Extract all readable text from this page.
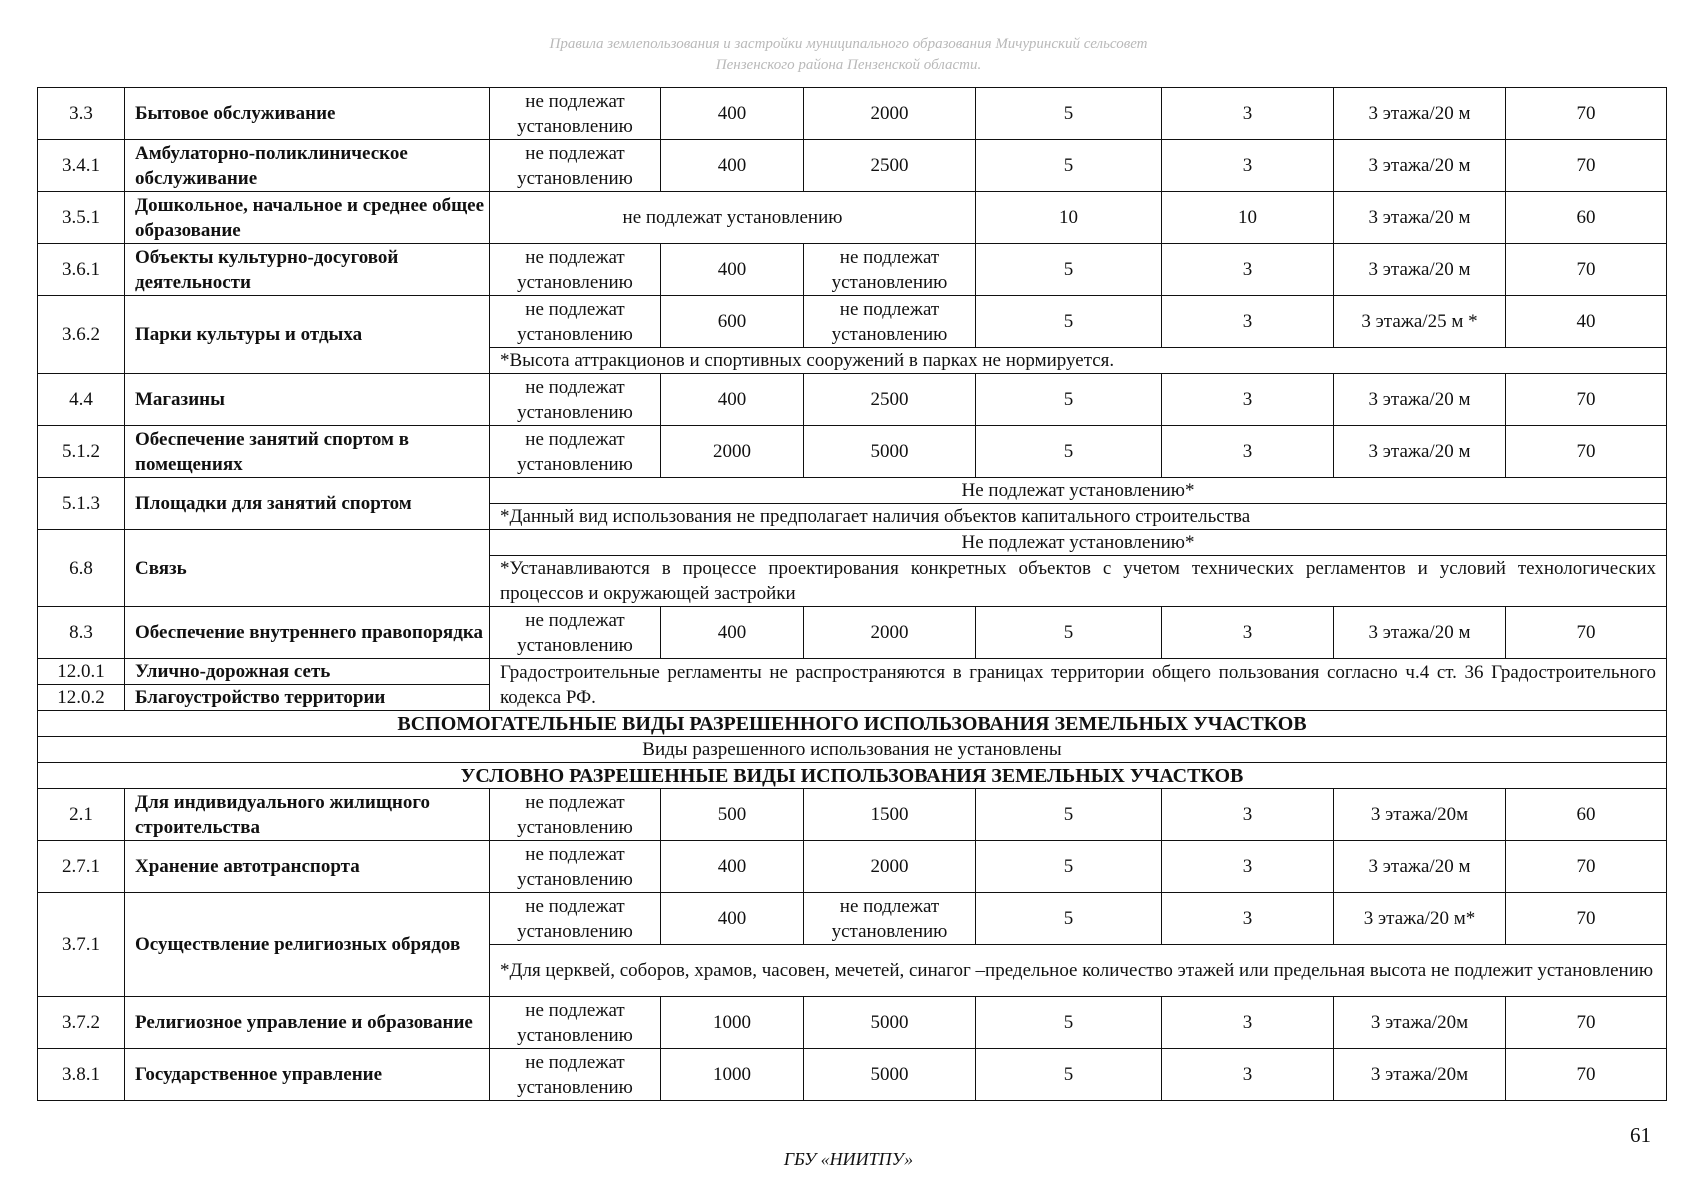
Правила землепользования и застройки муниципального образования Мичуринский сельсовет
Пензенского района Пензенской области.
3.3	Бытовое обслуживание	не подлежат установлению	400	2000	5	3	3 этажа/20 м	70
3.4.1	Амбулаторно-поликлиническое обслуживание	не подлежат установлению	400	2500	5	3	3 этажа/20 м	70
3.5.1	Дошкольное, начальное и среднее общее образование	не подлежат установлению			10	10	3 этажа/20 м	60
3.6.1	Объекты культурно-досуговой деятельности	не подлежат установлению	400	не подлежат установлению	5	3	3 этажа/20 м	70
3.6.2	Парки культуры и отдыха	не подлежат установлению	600	не подлежат установлению	5	3	3 этажа/25 м *	40
		*Высота аттракционов и спортивных сооружений в парках не нормируется.						
4.4	Магазины	не подлежат установлению	400	2500	5	3	3 этажа/20 м	70
5.1.2	Обеспечение занятий спортом в помещениях	не подлежат установлению	2000	5000	5	3	3 этажа/20 м	70
5.1.3	Площадки для занятий спортом	Не подлежат установлению*						
		*Данный вид использования не предполагает наличия объектов капитального строительства						
6.8	Связь	Не подлежат установлению*						
		*Устанавливаются в процессе проектирования конкретных объектов с учетом технических регламентов и условий технологических процессов и окружающей застройки						
8.3	Обеспечение внутреннего правопорядка	не подлежат установлению	400	2000	5	3	3 этажа/20 м	70
12.0.1	Улично-дорожная сеть	Градостроительные регламенты не распространяются в границах территории общего пользования согласно ч.4 ст. 36 Градостроительного кодекса РФ.						
12.0.2	Благоустройство территории							
ВСПОМОГАТЕЛЬНЫЕ ВИДЫ РАЗРЕШЕННОГО ИСПОЛЬЗОВАНИЯ ЗЕМЕЛЬНЫХ УЧАСТКОВ								
Виды разрешенного использования не установлены								
УСЛОВНО РАЗРЕШЕННЫЕ ВИДЫ ИСПОЛЬЗОВАНИЯ ЗЕМЕЛЬНЫХ УЧАСТКОВ								
2.1	Для индивидуального жилищного строительства	не подлежат установлению	500	1500	5	3	3 этажа/20м	60
2.7.1	Хранение автотранспорта	не подлежат установлению	400	2000	5	3	3 этажа/20 м	70
3.7.1	Осуществление религиозных обрядов	не подлежат установлению	400	не подлежат установлению	5	3	3 этажа/20 м*	70
		*Для церквей, соборов, храмов, часовен, мечетей, синагог –предельное количество этажей или предельная высота не подлежит установлению						
3.7.2	Религиозное управление и образование	не подлежат установлению	1000	5000	5	3	3 этажа/20м	70
3.8.1	Государственное управление	не подлежат установлению	1000	5000	5	3	3 этажа/20м	70
61
ГБУ «НИИТПУ»
